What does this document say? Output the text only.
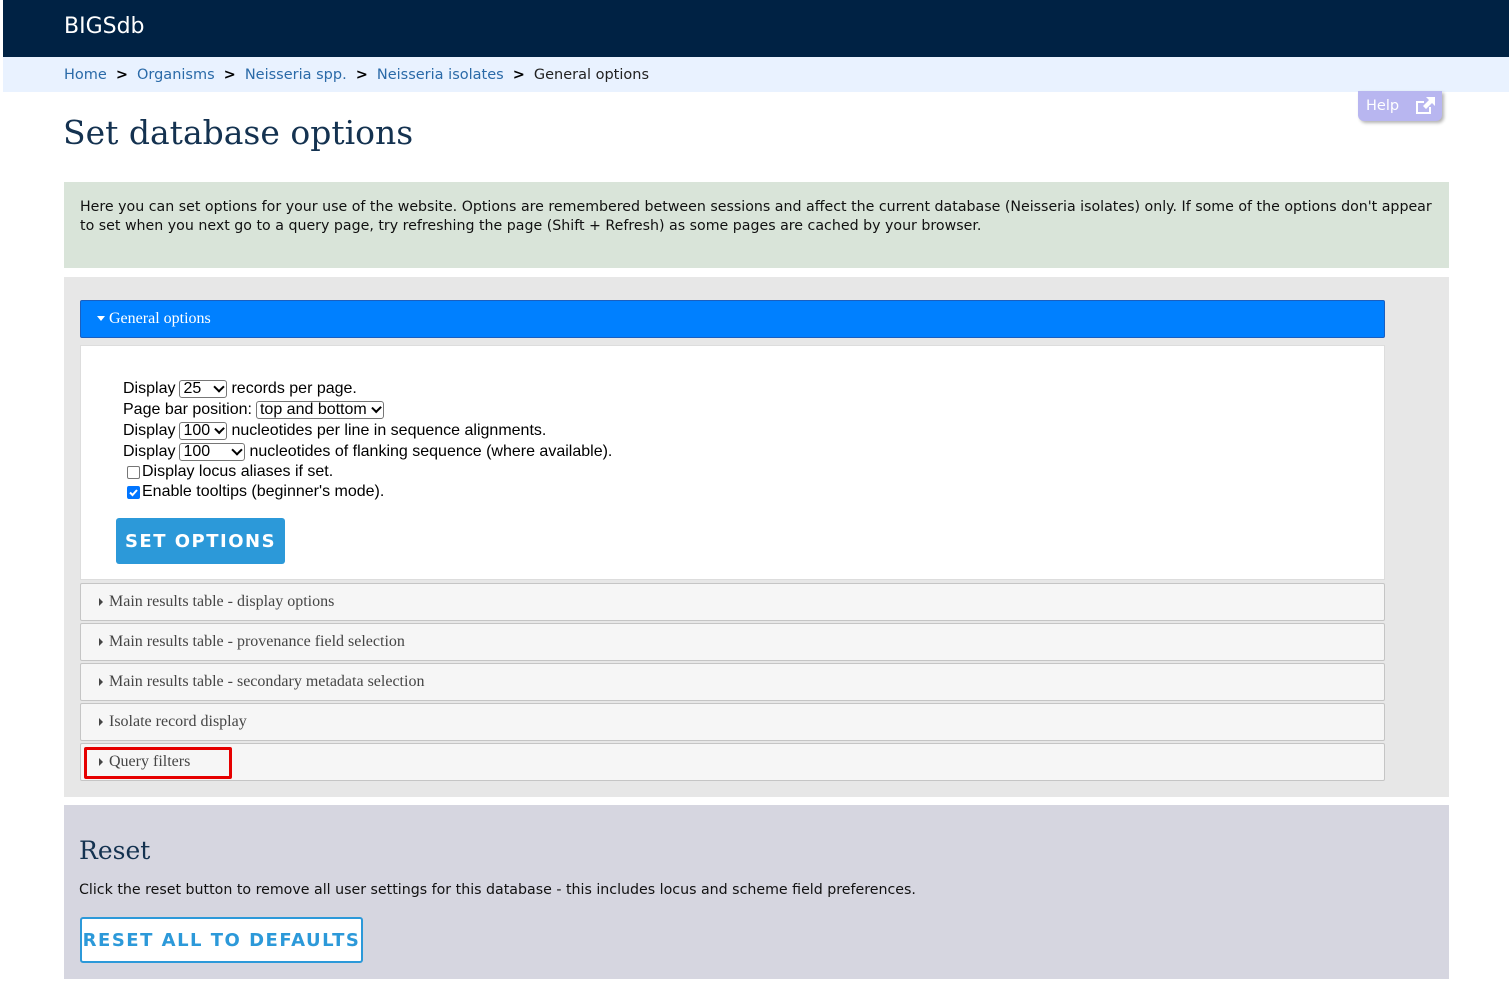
BIGSdb
Home > Organisms > Neisseria spp. > Neisseria isolates > General options
Help
Set database options
Here you can set options for your use of the website. Options are remembered between sessions and affect the current database (Neisseria isolates) only. If some of the options don't appear to set when you next go to a query page, try refreshing the page (Shift + Refresh) as some pages are cached by your browser.
General options
Display 25 records per page.
Page bar position: top and bottom
Display 100 nucleotides per line in sequence alignments.
Display 100 nucleotides of flanking sequence (where available).
Display locus aliases if set.
Enable tooltips (beginner's mode).
SET OPTIONS
Main results table - display options
Main results table - provenance field selection
Main results table - secondary metadata selection
Isolate record display
Query filters
Reset
Click the reset button to remove all user settings for this database - this includes locus and scheme field preferences.
RESET ALL TO DEFAULTS
